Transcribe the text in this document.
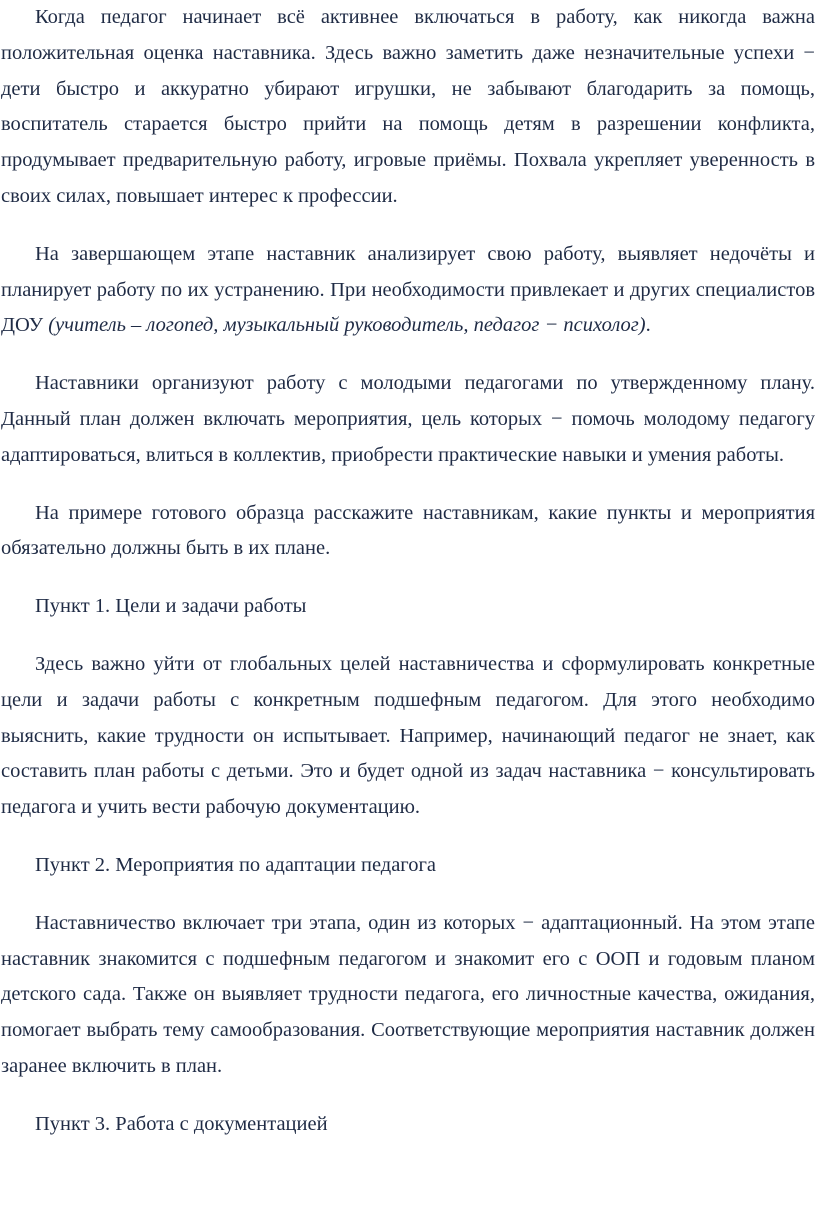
Когда педагог начинает всё активнее включаться в работу, как никогда важна положительная оценка наставника. Здесь важно заметить даже незначительные успехи − дети быстро и аккуратно убирают игрушки, не забывают благодарить за помощь, воспитатель старается быстро прийти на помощь детям в разрешении конфликта, продумывает предварительную работу, игровые приёмы. Похвала укрепляет уверенность в своих силах, повышает интерес к профессии.

На завершающем этапе наставник анализирует свою работу, выявляет недочёты и планирует работу по их устранению. При необходимости привлекает и других специалистов ДОУ (учитель – логопед, музыкальный руководитель, педагог − психолог).

Наставники организуют работу с молодыми педагогами по утвержденному плану. Данный план должен включать мероприятия, цель которых − помочь молодому педагогу адаптироваться, влиться в коллектив, приобрести практические навыки и умения работы.

На примере готового образца расскажите наставникам, какие пункты и мероприятия обязательно должны быть в их плане.

Пункт 1. Цели и задачи работы

Здесь важно уйти от глобальных целей наставничества и сформулировать конкретные цели и задачи работы с конкретным подшефным педагогом. Для этого необходимо выяснить, какие трудности он испытывает. Например, начинающий педагог не знает, как составить план работы с детьми. Это и будет одной из задач наставника − консультировать педагога и учить вести рабочую документацию.

Пункт 2. Мероприятия по адаптации педагога

Наставничество включает три этапа, один из которых − адаптационный. На этом этапе наставник знакомится с подшефным педагогом и знакомит его с ООП и годовым планом детского сада. Также он выявляет трудности педагога, его личностные качества, ожидания, помогает выбрать тему самообразования. Соответствующие мероприятия наставник должен заранее включить в план.

Пункт 3. Работа с документацией
